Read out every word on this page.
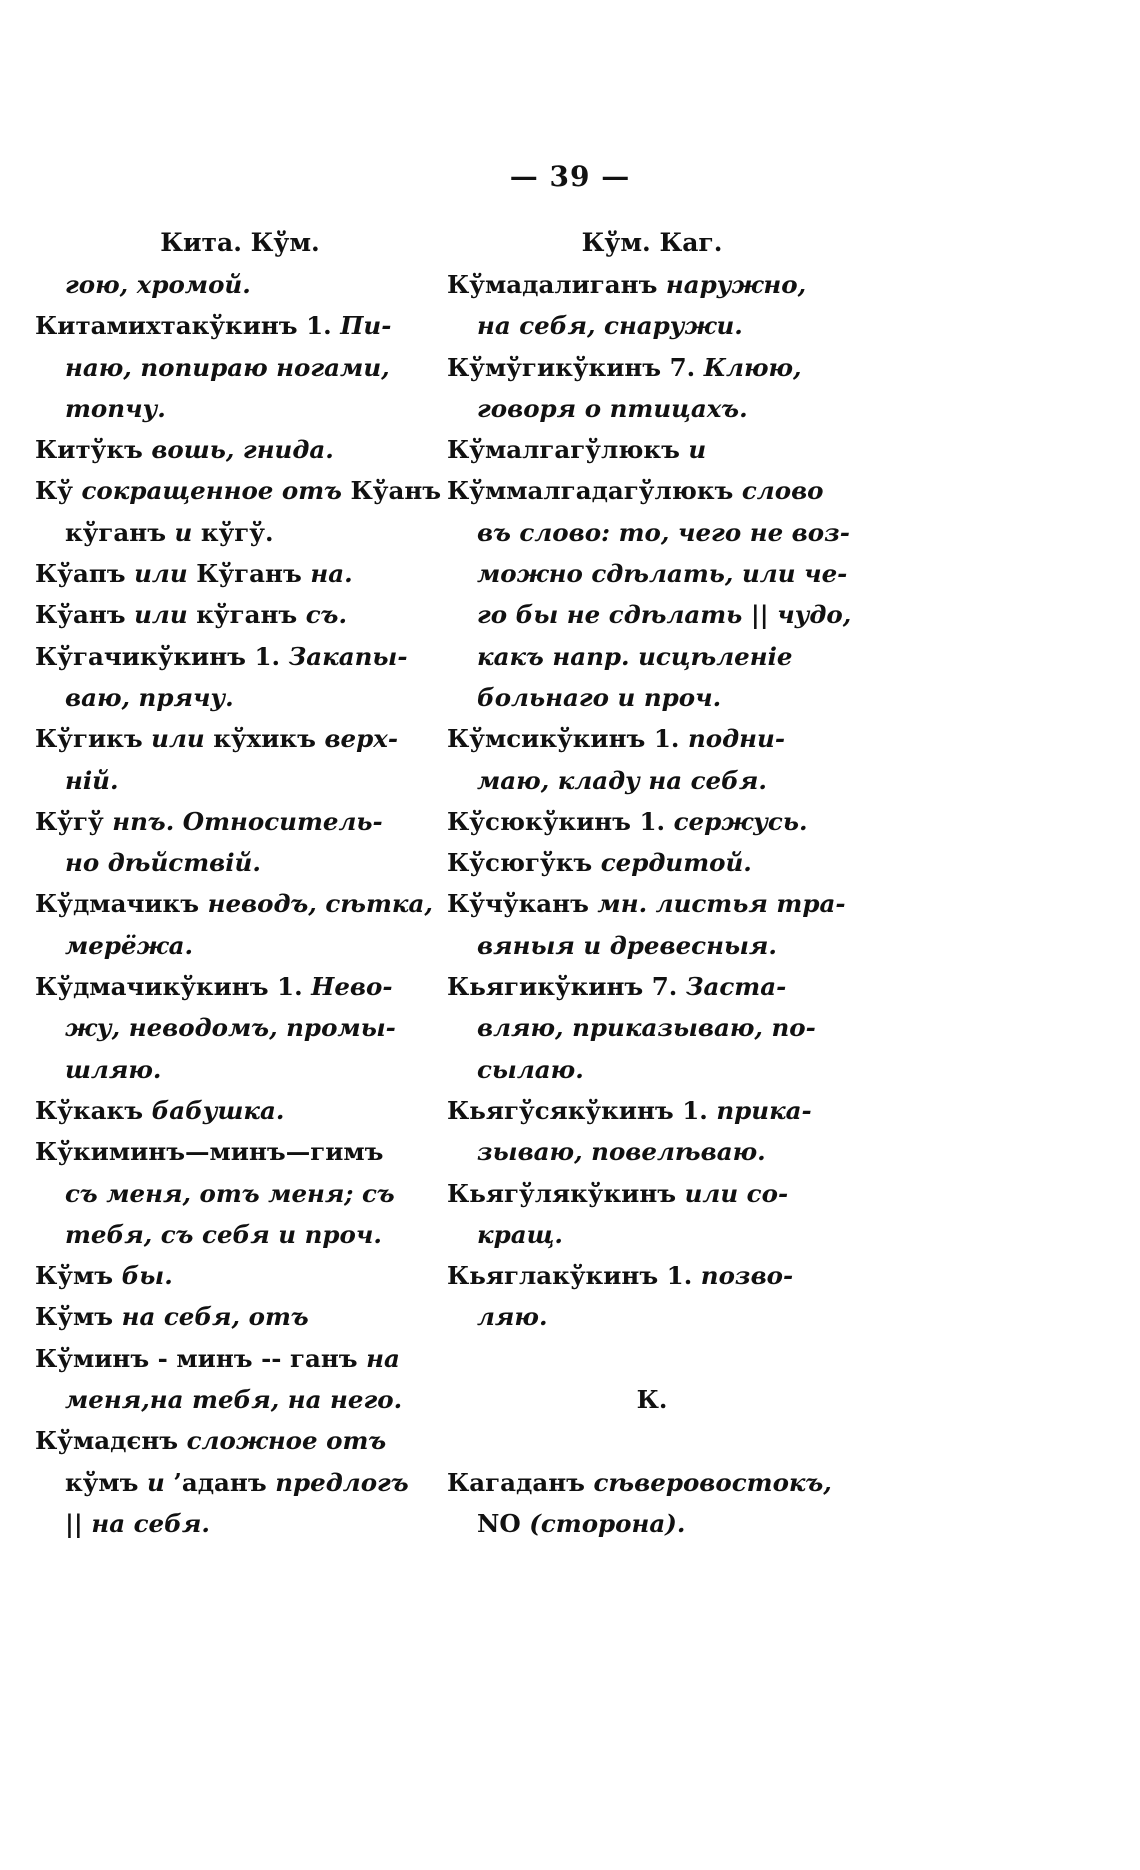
— 39 —
Кита. Кўм.
гою, хромой.
Китамихтакўкинъ 1. Пи-
наю, попираю ногами,
топчу.
Китўкъ вошь, гнида.
Кў сокращенное отъ Кўанъ
кўганъ и кўгў.
Кўапъ или Кўганъ на.
Кўанъ или кўганъ съ.
Кўгачикўкинъ 1. Закапы-
ваю, прячу.
Кўгикъ или кўхикъ верх-
ній.
Кўгў нпъ. Относитель-
но дѣйствій.
Кўдмачикъ неводъ, сѣтка,
мерёжа.
Кўдмачикўкинъ 1. Нево-
жу, неводомъ, промы-
шляю.
Кўкакъ бабушка.
Кўкиминъ—минъ—гимъ
съ меня, отъ меня; съ
тебя, съ себя и проч.
Кўмъ бы.
Кўмъ на себя, отъ
Кўминъ - минъ -- ганъ на
меня,на тебя, на него.
Кўмадєнъ сложное отъ
кўмъ и ’аданъ предлогъ
|| на себя.
Кўм. Каг.
Кўмадалиганъ наружно,
на себя, снаружи.
Кўмўгикўкинъ 7. Клюю,
говоря о птицахъ.
Кўмалгагўлюкъ и
Кўммалгадагўлюкъ слово
въ слово: то, чего не воз-
можно сдѣлать, или че-
го бы не сдѣлать || чудо,
какъ напр. исцѣленіе
больнаго и проч.
Кўмсикўкинъ 1. подни-
маю, кладу на себя.
Кўсюкўкинъ 1. сержусь.
Кўсюгўкъ сердитой.
Кўчўканъ мн. листья тра-
вяныя и древесныя.
Кьягикўкинъ 7. Заста-
вляю, приказываю, по-
сылаю.
Кьягўсякўкинъ 1. прика-
зываю, повелѣваю.
Кьягўлякўкинъ или со-
кращ.
Кьяглакўкинъ 1. позво-
ляю.
К.
Кагаданъ сѣверовостокъ,
NO (сторона).
